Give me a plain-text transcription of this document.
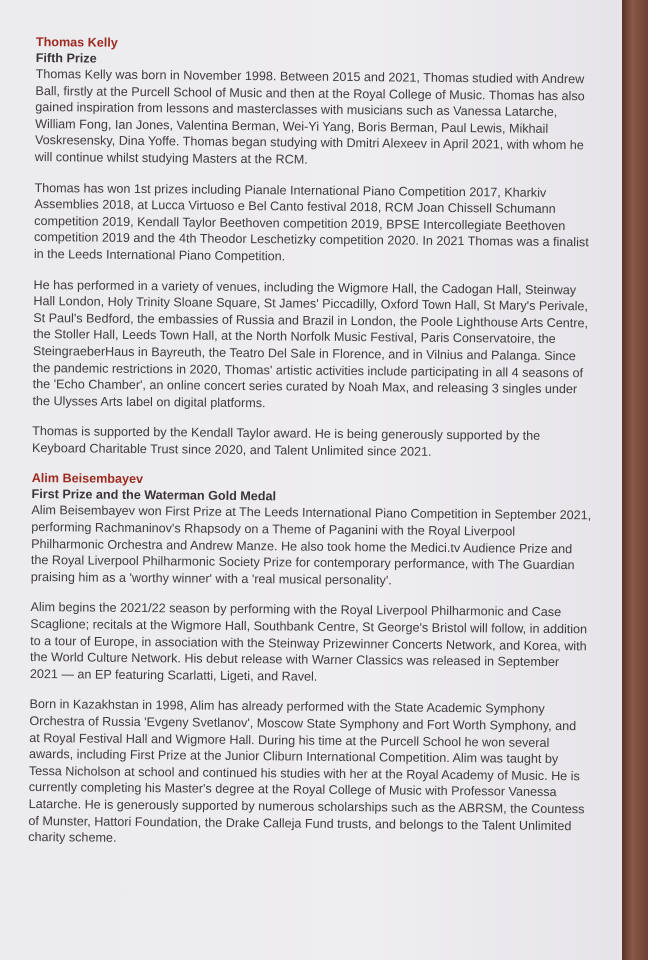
Thomas Kelly
Fifth Prize

Thomas Kelly was born in November 1998. Between 2015 and 2021, Thomas studied with Andrew Ball, firstly at the Purcell School of Music and then at the Royal College of Music. Thomas has also gained inspiration from lessons and masterclasses with musicians such as Vanessa Latarche, William Fong, Ian Jones, Valentina Berman, Wei-Yi Yang, Boris Berman, Paul Lewis, Mikhail Voskresensky, Dina Yoffe. Thomas began studying with Dmitri Alexeev in April 2021, with whom he will continue whilst studying Masters at the RCM.

Thomas has won 1st prizes including Pianale International Piano Competition 2017, Kharkiv Assemblies 2018, at Lucca Virtuoso e Bel Canto festival 2018, RCM Joan Chissell Schumann competition 2019, Kendall Taylor Beethoven competition 2019, BPSE Intercollegiate Beethoven competition 2019 and the 4th Theodor Leschetizky competition 2020. In 2021 Thomas was a finalist in the Leeds International Piano Competition.

He has performed in a variety of venues, including the Wigmore Hall, the Cadogan Hall, Steinway Hall London, Holy Trinity Sloane Square, St James' Piccadilly, Oxford Town Hall, St Mary's Perivale, St Paul's Bedford, the embassies of Russia and Brazil in London, the Poole Lighthouse Arts Centre, the Stoller Hall, Leeds Town Hall, at the North Norfolk Music Festival, Paris Conservatoire, the SteingraeberHaus in Bayreuth, the Teatro Del Sale in Florence, and in Vilnius and Palanga. Since the pandemic restrictions in 2020, Thomas' artistic activities include participating in all 4 seasons of the 'Echo Chamber', an online concert series curated by Noah Max, and releasing 3 singles under the Ulysses Arts label on digital platforms.

Thomas is supported by the Kendall Taylor award. He is being generously supported by the Keyboard Charitable Trust since 2020, and Talent Unlimited since 2021.

Alim Beisembayev
First Prize and the Waterman Gold Medal

Alim Beisembayev won First Prize at The Leeds International Piano Competition in September 2021, performing Rachmaninov's Rhapsody on a Theme of Paganini with the Royal Liverpool Philharmonic Orchestra and Andrew Manze. He also took home the Medici.tv Audience Prize and the Royal Liverpool Philharmonic Society Prize for contemporary performance, with The Guardian praising him as a 'worthy winner' with a 'real musical personality'.

Alim begins the 2021/22 season by performing with the Royal Liverpool Philharmonic and Case Scaglione; recitals at the Wigmore Hall, Southbank Centre, St George's Bristol will follow, in addition to a tour of Europe, in association with the Steinway Prizewinner Concerts Network, and Korea, with the World Culture Network. His debut release with Warner Classics was released in September 2021 — an EP featuring Scarlatti, Ligeti, and Ravel.

Born in Kazakhstan in 1998, Alim has already performed with the State Academic Symphony Orchestra of Russia 'Evgeny Svetlanov', Moscow State Symphony and Fort Worth Symphony, and at Royal Festival Hall and Wigmore Hall. During his time at the Purcell School he won several awards, including First Prize at the Junior Cliburn International Competition. Alim was taught by Tessa Nicholson at school and continued his studies with her at the Royal Academy of Music. He is currently completing his Master's degree at the Royal College of Music with Professor Vanessa Latarche. He is generously supported by numerous scholarships such as the ABRSM, the Countess of Munster, Hattori Foundation, the Drake Calleja Fund trusts, and belongs to the Talent Unlimited charity scheme.
